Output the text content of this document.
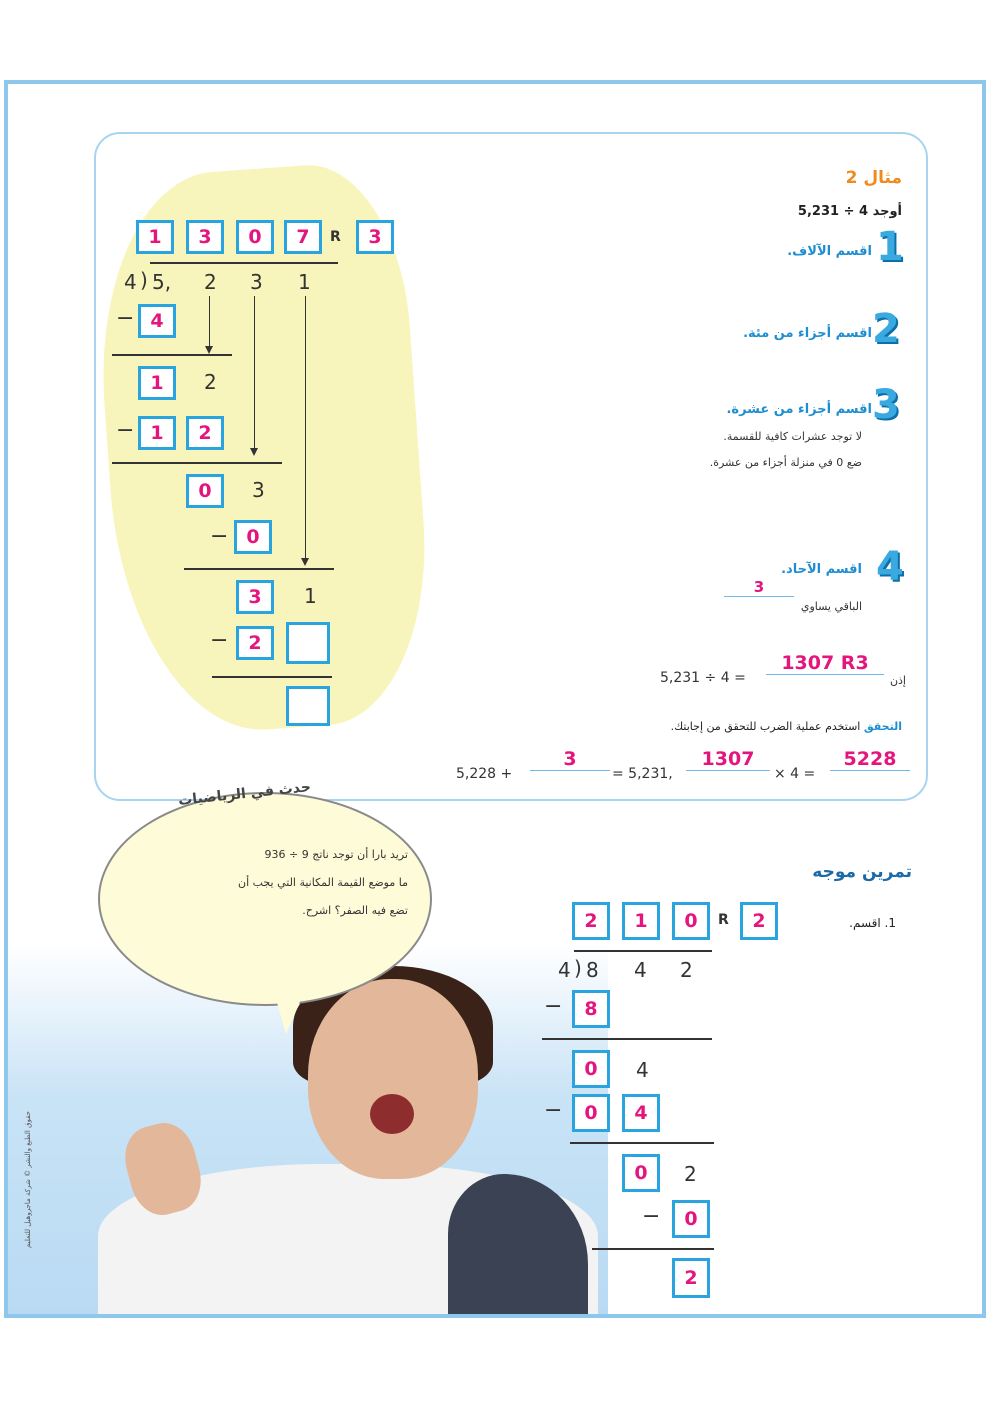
مثال 2
أوجد 5,231 ÷ 4
1
اقسم الآلاف.
2
اقسم أجزاء من مئة.
3
اقسم أجزاء من عشرة.
لا توجد عشرات كافية للقسمة.
ضع 0 في منزلة أجزاء من عشرة.
4
اقسم الآحاد.
الباقي يساوي
3
إذن
1307 R3
5,231 ÷ 4 =
التحقق استخدم عملية الضرب للتحقق من إجابتك.
5228
× 4 =
1307
= 5,231,
3
5,228 +
1	3	0	7	R	3
4 ) 5, 2 3 1
− 4
1	2
− 1	2
0	3
− 0
3	1
−	2
حدث في الرياضيات
تريد بارا أن توجد ناتج 9 ÷ 936
ما موضع القيمة المكانية التي يجب أن
تضع فيه الصفر؟ اشرح.
حقوق الطبع والنشر © شركة ماجروهيل للتعليم
تمرين موجه
1. اقسم.
2	1	0	R	2
4 ) 8 4 2
−	8
0	4
−	0	4
0	2
−	0
2
